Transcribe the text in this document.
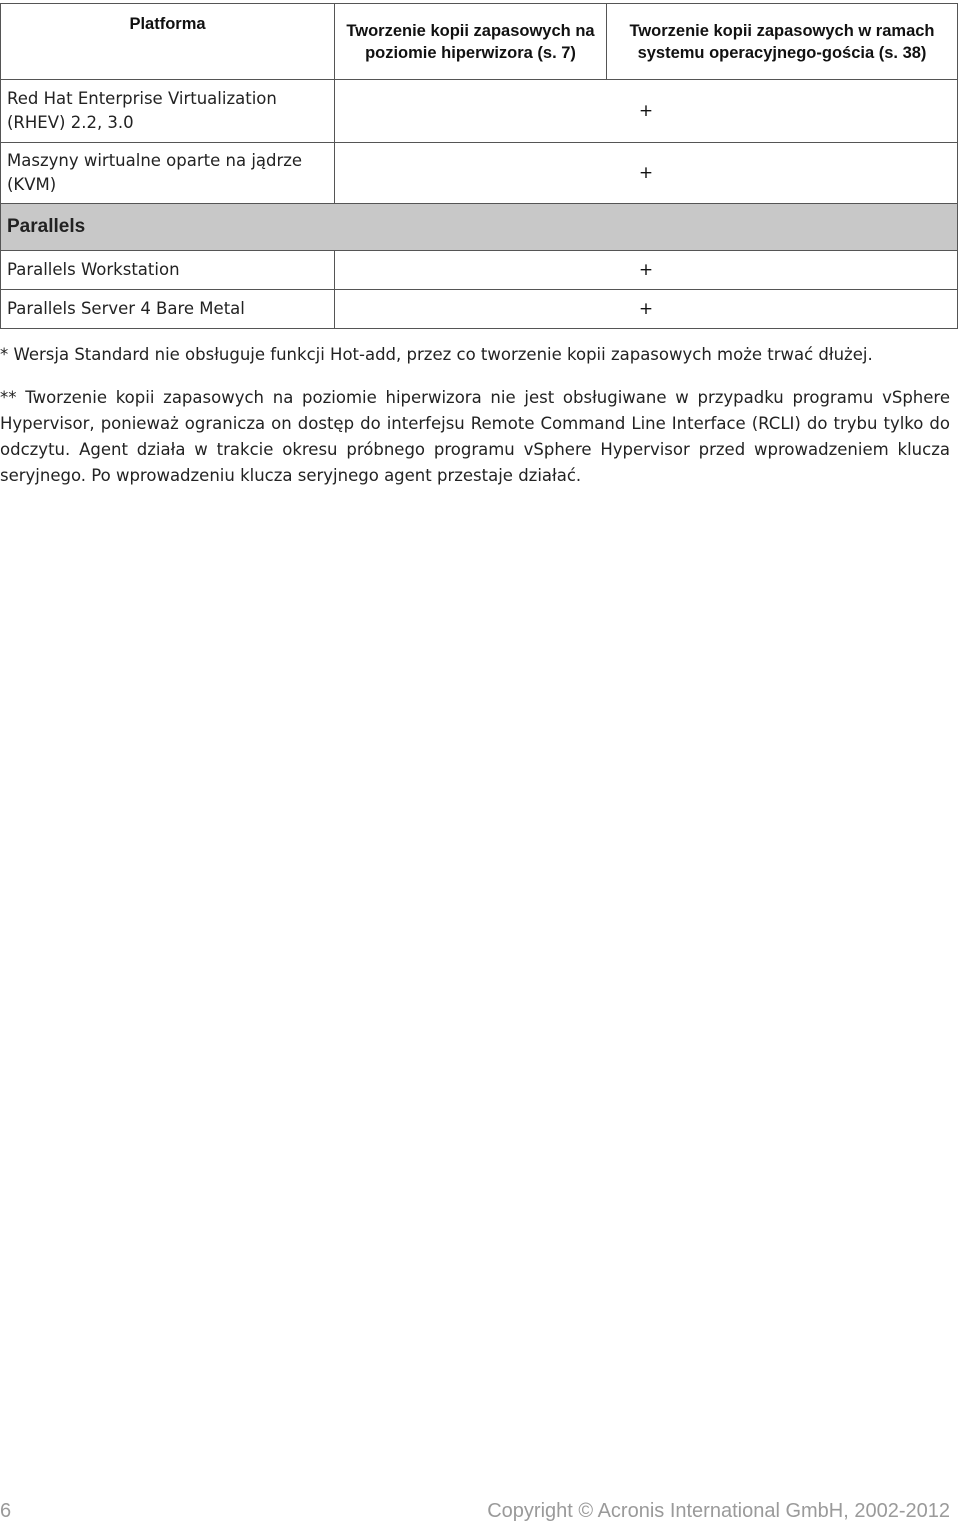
Platforma	Tworzenie kopii zapasowych na poziomie hiperwizora (s. 7)	Tworzenie kopii zapasowych w ramach systemu operacyjnego-gościa (s. 38)
Red Hat Enterprise Virtualization (RHEV) 2.2, 3.0	+	
Maszyny wirtualne oparte na jądrze (KVM)	+	
Parallels		
Parallels Workstation	+	
Parallels Server 4 Bare Metal	+	
* Wersja Standard nie obsługuje funkcji Hot-add, przez co tworzenie kopii zapasowych może trwać dłużej.
** Tworzenie kopii zapasowych na poziomie hiperwizora nie jest obsługiwane w przypadku programu vSphere Hypervisor, ponieważ ogranicza on dostęp do interfejsu Remote Command Line Interface (RCLI) do trybu tylko do odczytu. Agent działa w trakcie okresu próbnego programu vSphere Hypervisor przed wprowadzeniem klucza seryjnego. Po wprowadzeniu klucza seryjnego agent przestaje działać.
6	Copyright © Acronis International GmbH, 2002-2012
